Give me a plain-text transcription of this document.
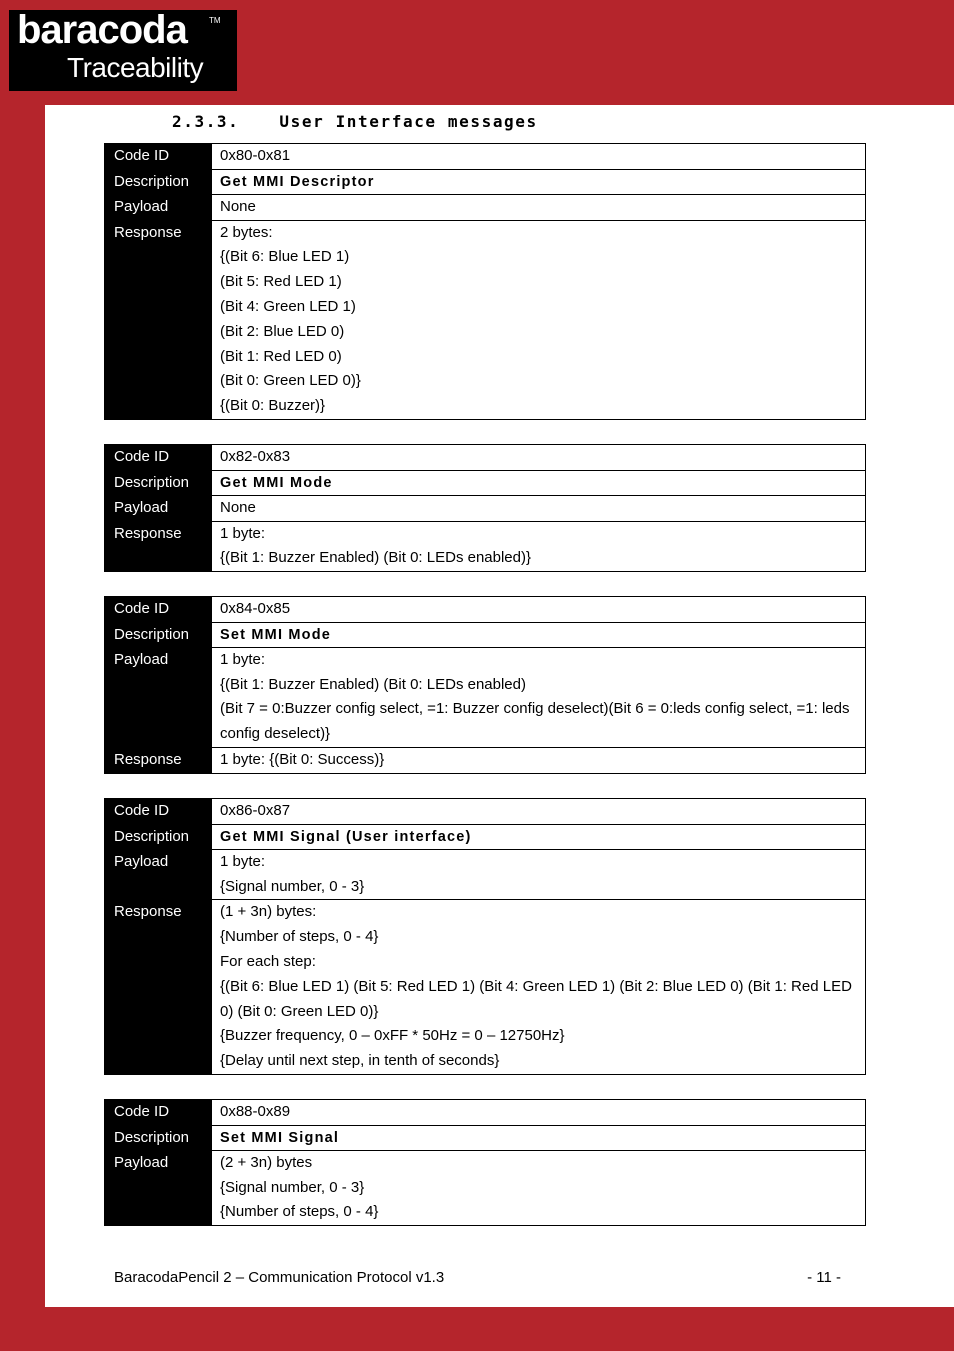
baracoda	TM
Traceability
2.3.3.	User Interface messages
Code ID	0x80-0x81
Description	Get MMI Descriptor
Payload	None
Response	2 bytes:
{(Bit 6: Blue LED 1)
(Bit 5: Red LED 1)
(Bit 4: Green LED 1)
(Bit 2: Blue LED 0)
(Bit 1: Red LED 0)
(Bit 0: Green LED 0)}
{(Bit 0: Buzzer)}
Code ID	0x82-0x83
Description	Get MMI Mode
Payload	None
Response	1 byte:
{(Bit 1: Buzzer Enabled) (Bit 0: LEDs enabled)}
Code ID	0x84-0x85
Description	Set MMI Mode
Payload	1 byte:
{(Bit 1: Buzzer Enabled) (Bit 0: LEDs enabled)
(Bit 7 = 0:Buzzer config select, =1: Buzzer config deselect)(Bit 6 = 0:leds config select, =1: leds config deselect)}
Response	1 byte: {(Bit 0: Success)}
Code ID	0x86-0x87
Description	Get MMI Signal (User interface)
Payload	1 byte:
{Signal number, 0 - 3}
Response	(1 + 3n) bytes:
{Number of steps, 0 - 4}
For each step:
{(Bit 6: Blue LED 1) (Bit 5: Red LED 1) (Bit 4: Green LED 1) (Bit 2: Blue LED 0) (Bit 1: Red LED 0) (Bit 0: Green LED 0)}
{Buzzer frequency, 0 – 0xFF * 50Hz = 0 – 12750Hz}
{Delay until next step, in tenth of seconds}
Code ID	0x88-0x89
Description	Set MMI Signal
Payload	(2 + 3n) bytes
{Signal number, 0 - 3}
{Number of steps, 0 - 4}
BaracodaPencil 2 – Communication Protocol v1.3	- 11 -
